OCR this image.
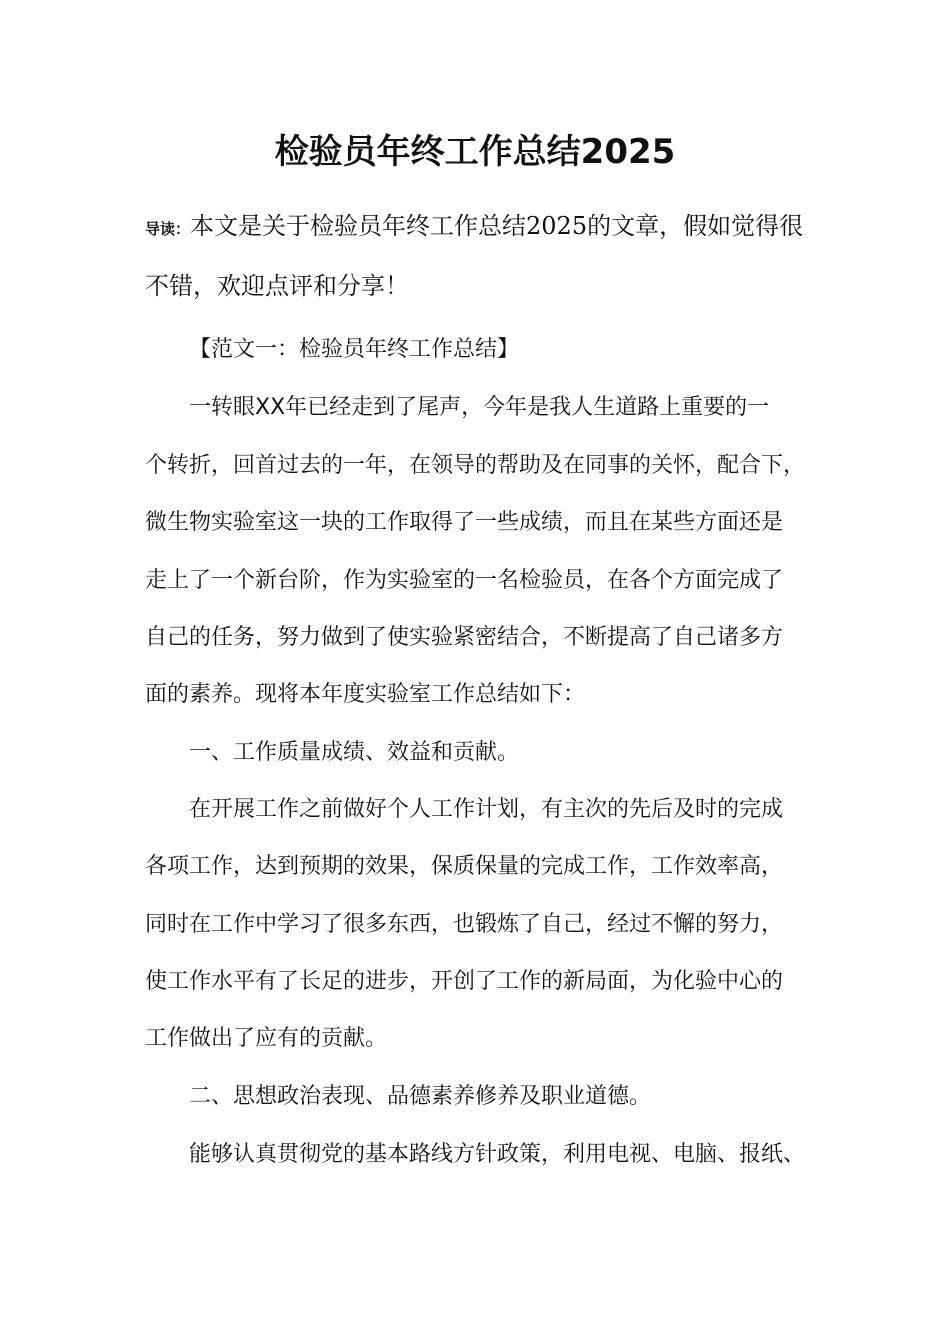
检验员年终工作总结2025
导读：本文是关于检验员年终工作总结2025的文章，假如觉得很不错，欢迎点评和分享！
【范文一：检验员年终工作总结】
一转眼XX年已经走到了尾声，今年是我人生道路上重要的一
个转折，回首过去的一年，在领导的帮助及在同事的关怀，配合下，
微生物实验室这一块的工作取得了一些成绩，而且在某些方面还是
走上了一个新台阶，作为实验室的一名检验员，在各个方面完成了
自己的任务，努力做到了使实验紧密结合，不断提高了自己诸多方
面的素养。现将本年度实验室工作总结如下：
一、工作质量成绩、效益和贡献。
在开展工作之前做好个人工作计划，有主次的先后及时的完成
各项工作，达到预期的效果，保质保量的完成工作，工作效率高，
同时在工作中学习了很多东西，也锻炼了自己，经过不懈的努力，
使工作水平有了长足的进步，开创了工作的新局面，为化验中心的
工作做出了应有的贡献。
二、思想政治表现、品德素养修养及职业道德。
能够认真贯彻党的基本路线方针政策，利用电视、电脑、报纸、
